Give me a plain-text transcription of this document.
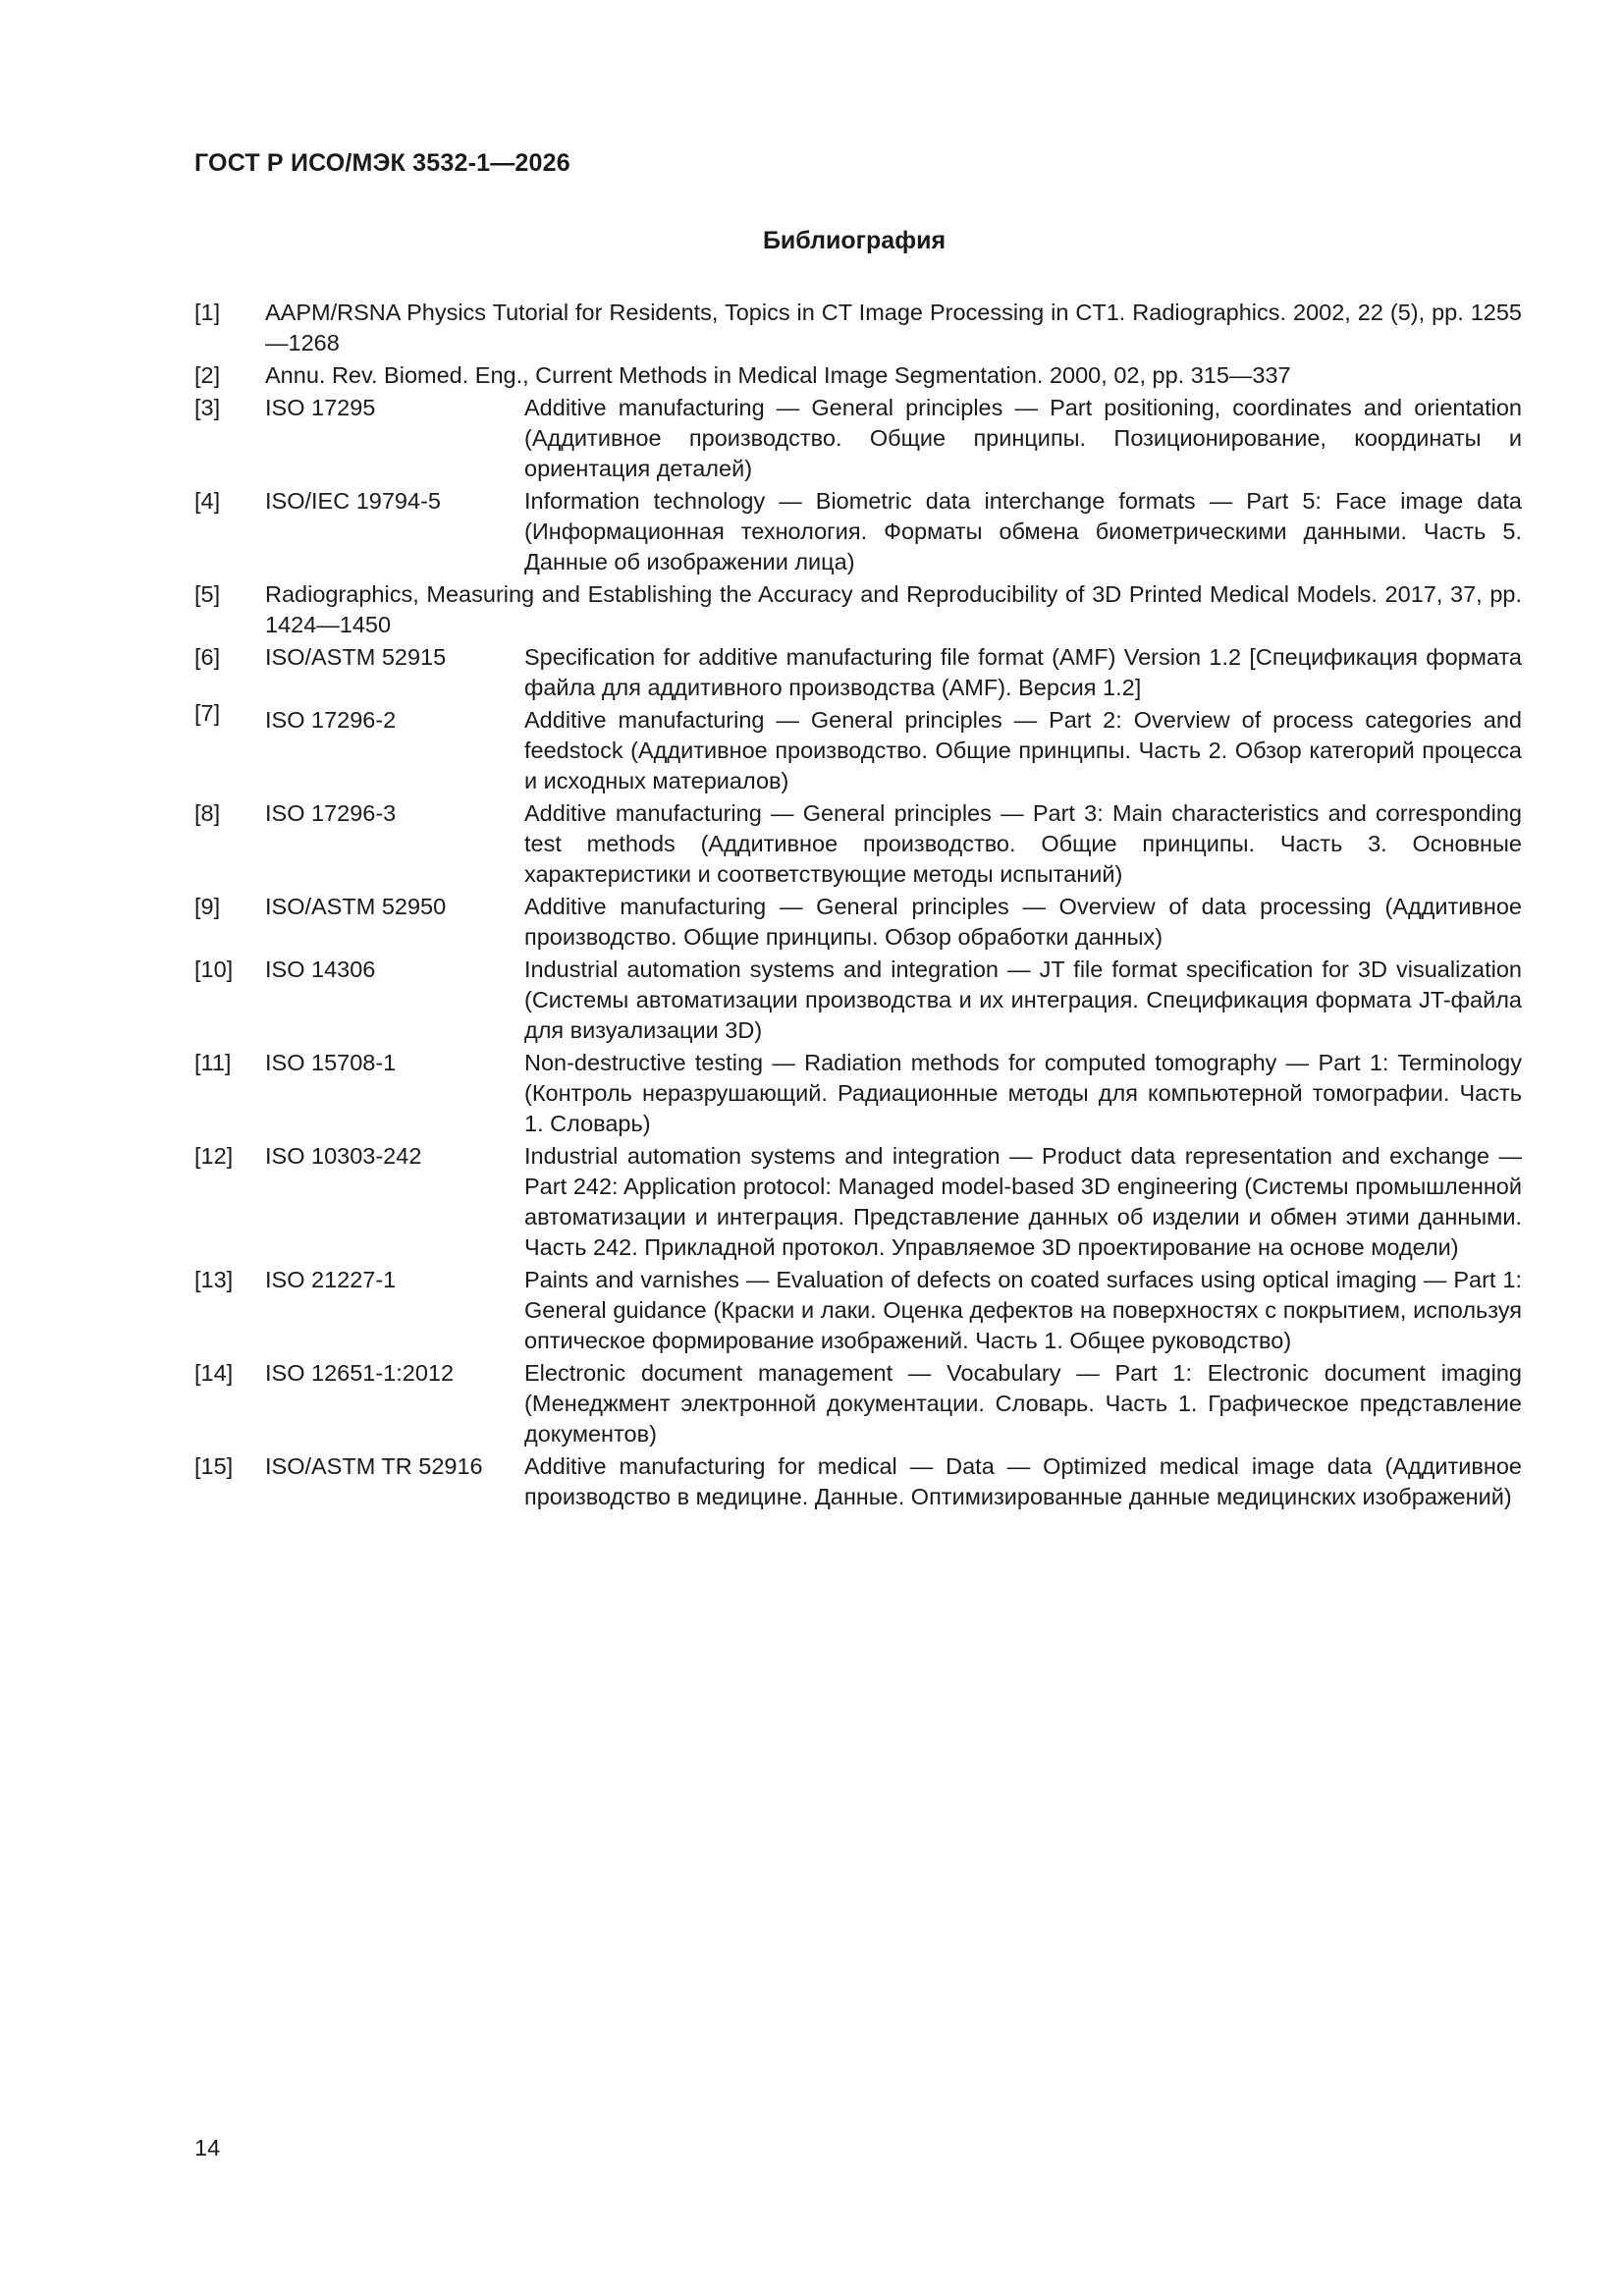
ГОСТ Р ИСО/МЭК 3532-1—2026
Библиография
[1]	AAPM/RSNA Physics Tutorial for Residents, Topics in CT Image Processing in CT1. Radiographics. 2002, 22 (5), pp. 1255—1268
[2]	Annu. Rev. Biomed. Eng., Current Methods in Medical Image Segmentation. 2000, 02, pp. 315—337
[3]	ISO 17295	Additive manufacturing — General principles — Part positioning, coordinates and orientation (Аддитивное производство. Общие принципы. Позиционирование, координаты и ориентация деталей)
[4]	ISO/IEC 19794-5	Information technology — Biometric data interchange formats — Part 5: Face image data (Информационная технология. Форматы обмена биометрическими данными. Часть 5. Данные об изображении лица)
[5]	Radiographics, Measuring and Establishing the Accuracy and Reproducibility of 3D Printed Medical Models. 2017, 37, pp. 1424—1450
[6]	ISO/ASTM 52915	Specification for additive manufacturing file format (AMF) Version 1.2 [Спецификация формата файла для аддитивного производства (AMF). Версия 1.2]
[7]	ISO 17296-2	Additive manufacturing — General principles — Part 2: Overview of process categories and feedstock (Аддитивное производство. Общие принципы. Часть 2. Обзор категорий процесса и исходных материалов)
[8]	ISO 17296-3	Additive manufacturing — General principles — Part 3: Main characteristics and corresponding test methods (Аддитивное производство. Общие принципы. Часть 3. Основные характеристики и соответствующие методы испытаний)
[9]	ISO/ASTM 52950	Additive manufacturing — General principles — Overview of data processing (Аддитивное производство. Общие принципы. Обзор обработки данных)
[10]	ISO 14306	Industrial automation systems and integration — JT file format specification for 3D visualization (Системы автоматизации производства и их интеграция. Спецификация формата JT-файла для визуализации 3D)
[11]	ISO 15708-1	Non-destructive testing — Radiation methods for computed tomography — Part 1: Terminology (Контроль неразрушающий. Радиационные методы для компьютерной томографии. Часть 1. Словарь)
[12]	ISO 10303-242	Industrial automation systems and integration — Product data representation and exchange — Part 242: Application protocol: Managed model-based 3D engineering (Системы промышленной автоматизации и интеграция. Представление данных об изделии и обмен этими данными. Часть 242. Прикладной протокол. Управляемое 3D проектирование на основе модели)
[13]	ISO 21227-1	Paints and varnishes — Evaluation of defects on coated surfaces using optical imaging — Part 1: General guidance (Краски и лаки. Оценка дефектов на поверхностях с покрытием, используя оптическое формирование изображений. Часть 1. Общее руководство)
[14]	ISO 12651-1:2012	Electronic document management — Vocabulary — Part 1: Electronic document imaging (Менеджмент электронной документации. Словарь. Часть 1. Графическое представление документов)
[15]	ISO/ASTM TR 52916	Additive manufacturing for medical — Data — Optimized medical image data (Аддитивное производство в медицине. Данные. Оптимизированные данные медицинских изображений)
14
